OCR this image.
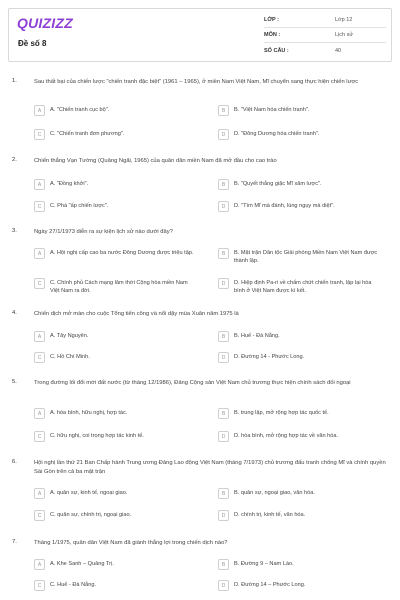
QUIZIZZ
Đề số 8
LỚP :	Lớp 12
MÔN :	Lịch sử
SỐ CÂU :	40
1.	Sau thất bại của chiến lược "chiến tranh đặc biệt" (1961 – 1965), ở miền Nam Việt Nam, Mĩ chuyển sang thực hiện chiến lược
A	A. "Chiến tranh cục bộ".	B	B. "Việt Nam hóa chiến tranh".
C	C. "Chiến tranh đơn phương".	D	D. "Đông Dương hóa chiến tranh".
2.	Chiến thắng Vạn Tường (Quảng Ngãi, 1965) của quân dân miền Nam đã mở đầu cho cao trào
A	A. "Đồng khởi".	B	B. "Quyết thắng giặc Mĩ xâm lược".
C	C. Phá "ấp chiến lược".	D	D. "Tìm Mĩ mà đánh, lùng ngụy mà diệt".
3.	Ngày 27/1/1973 diễn ra sự kiện lịch sử nào dưới đây?
A	A. Hội nghị cấp cao ba nước Đông Dương được triệu tập.	B	B. Mặt trận Dân tộc Giải phóng Miền Nam Việt Nam được thành lập.
C	C. Chính phủ Cách mạng lâm thời Cộng hòa miền Nam Việt Nam ra đời.
D	D. Hiệp định Pa-ri về chấm chứt chiến tranh, lập lại hòa bình ở Việt Nam được kí kết.
4.	Chiến dịch mở màn cho cuộc Tổng tiến công và nổi dậy mùa Xuân năm 1975 là
A	A. Tây Nguyên.	B	B. Huế - Đà Nẵng.
C	C. Hồ Chí Minh.	D	D. Đường 14 - Phước Long.
5.	Trong đường lối đổi mới đất nước (từ tháng 12/1986), Đảng Cộng sản Việt Nam chủ trương thực hiện chính sách đối ngoại
A	A. hòa bình, hữu nghị, hợp tác.	B	B. trung lập, mở rộng hợp tác quốc tế.
C	C. hữu nghị, coi trọng hợp tác kinh tế.	D	D. hòa bình, mở rộng hợp tác về văn hóa.
6.	Hội nghị lần thứ 21 Ban Chấp hành Trung ương Đảng Lao động Việt Nam (tháng 7/1973) chủ trương đấu tranh chống Mĩ và chính quyền Sài Gòn trên cả ba mặt trận
A	A. quân sự, kinh tế, ngoại giao.	B	B. quân sự, ngoại giao, văn hóa.
C	C. quân sự, chính trị, ngoại giao.	D	D. chính trị, kinh tế, văn hóa.
7.	Tháng 1/1975, quân dân Việt Nam đã giành thắng lợi trong chiến dịch nào?
A	A. Khe Sanh – Quảng Trị.	B	B. Đường 9 – Nam Lào.
C	C. Huế - Đà Nẵng.	D	D. Đường 14 – Phước Long.
